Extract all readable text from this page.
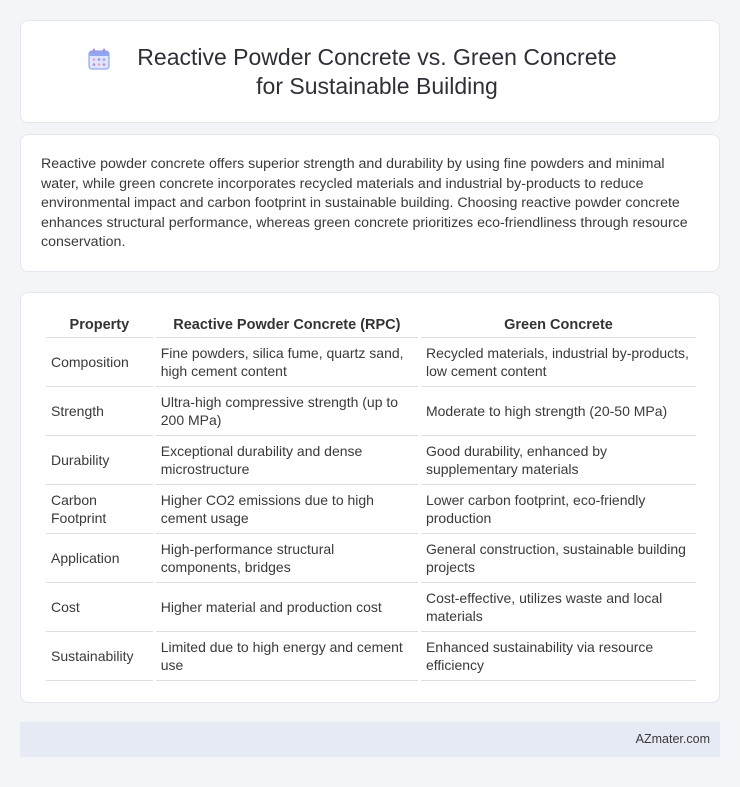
Reactive Powder Concrete vs. Green Concrete for Sustainable Building

Reactive powder concrete offers superior strength and durability by using fine powders and minimal water, while green concrete incorporates recycled materials and industrial by-products to reduce environmental impact and carbon footprint in sustainable building. Choosing reactive powder concrete enhances structural performance, whereas green concrete prioritizes eco-friendliness through resource conservation.

Property	Reactive Powder Concrete (RPC)	Green Concrete
Composition	Fine powders, silica fume, quartz sand, high cement content	Recycled materials, industrial by-products, low cement content
Strength	Ultra-high compressive strength (up to 200 MPa)	Moderate to high strength (20-50 MPa)
Durability	Exceptional durability and dense microstructure	Good durability, enhanced by supplementary materials
Carbon Footprint	Higher CO2 emissions due to high cement usage	Lower carbon footprint, eco-friendly production
Application	High-performance structural components, bridges	General construction, sustainable building projects
Cost	Higher material and production cost	Cost-effective, utilizes waste and local materials
Sustainability	Limited due to high energy and cement use	Enhanced sustainability via resource efficiency
AZmater.com
